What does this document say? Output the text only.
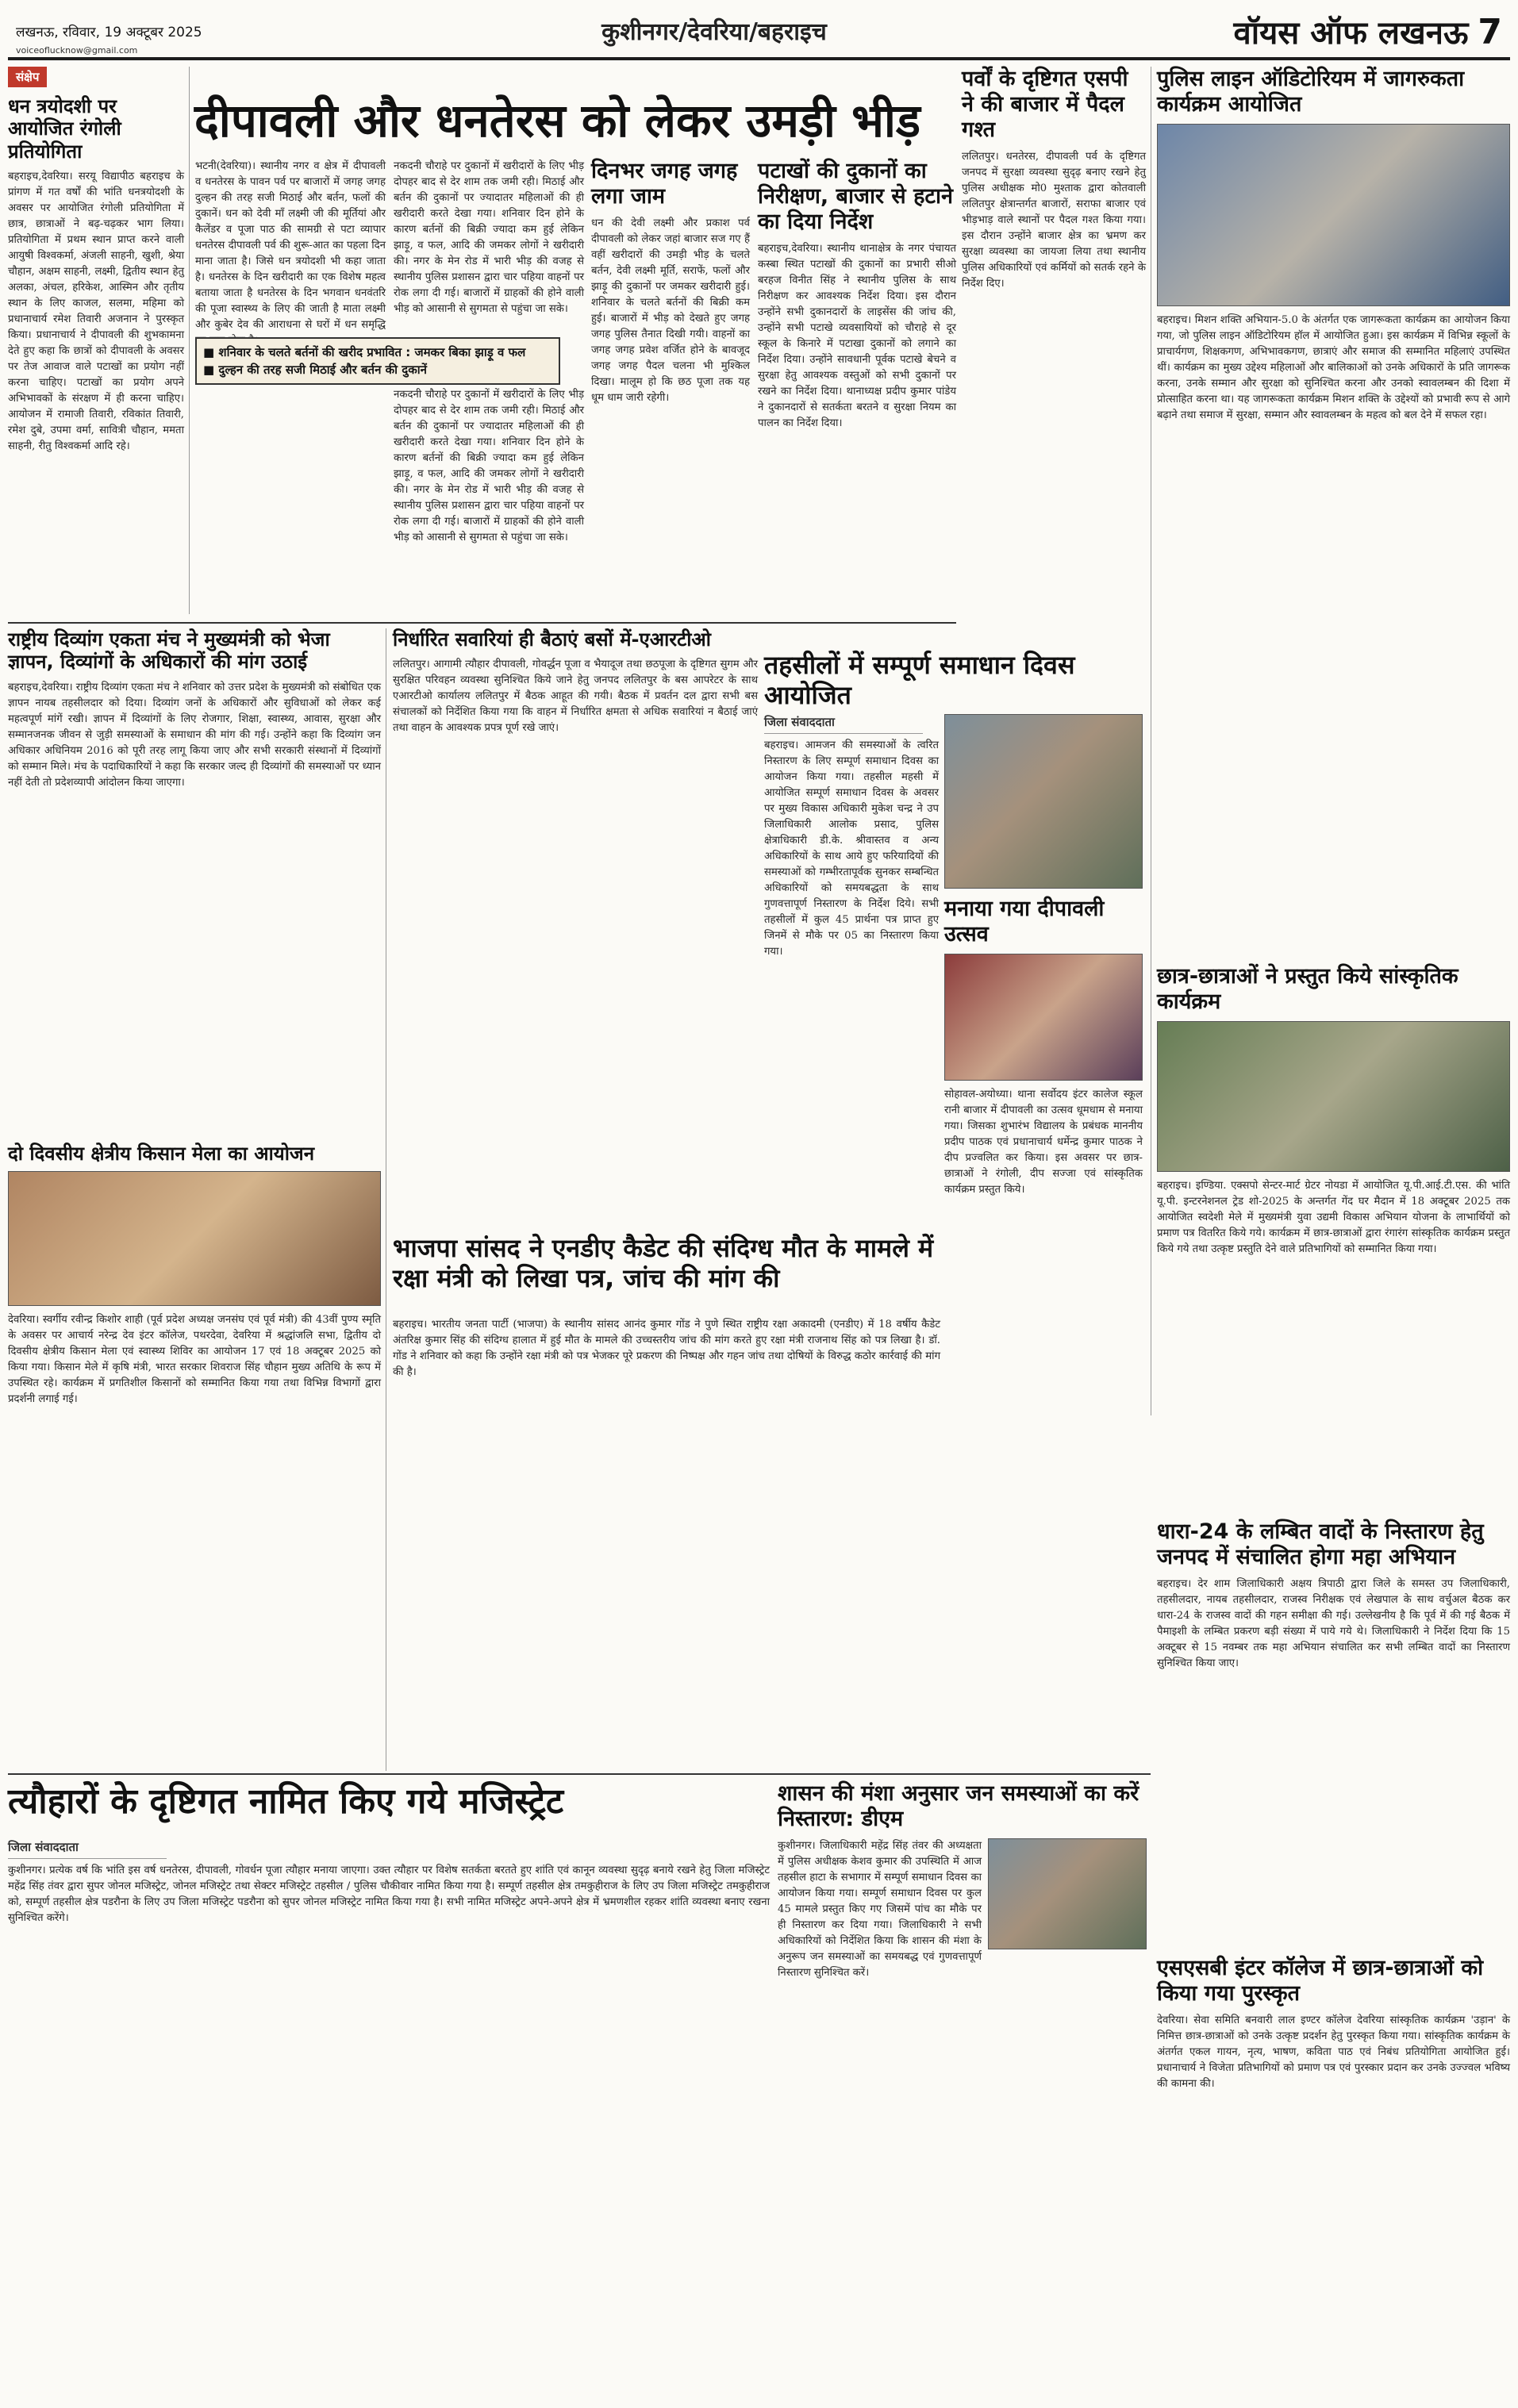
लखनऊ, रविवार, 19 अक्टूबर 2025
voiceoflucknow@gmail.com
कुशीनगर/देवरिया/बहराइच	वॉयस ऑफ लखनऊ 7
संक्षेप
धन त्रयोदशी पर आयोजित रंगोली प्रतियोगिता
बहराइच,देवरिया। सरयू विद्यापीठ बहराइच के प्रांगण में गत वर्षों की भांति धनत्रयोदशी के अवसर पर आयोजित रंगोली प्रतियोगिता में छात्र, छात्राओं ने बढ़-चढ़कर भाग लिया। प्रतियोगिता में प्रथम स्थान प्राप्त करने वाली आयुषी विश्वकर्मा, अंजली साहनी, खुशी, श्रेया चौहान, अक्षम साहनी, लक्ष्मी, द्वितीय स्थान हेतु अलका, अंचल, हरिकेश, आस्मिन और तृतीय स्थान के लिए काजल, सलमा, महिमा को प्रधानाचार्य रमेश तिवारी अजनान ने पुरस्कृत किया। प्रधानाचार्य ने दीपावली की शुभकामना देते हुए कहा कि छात्रों को दीपावली के अवसर पर तेज आवाज वाले पटाखों का प्रयोग नहीं करना चाहिए। पटाखों का प्रयोग अपने अभिभावकों के संरक्षण में ही करना चाहिए। आयोजन में रामाजी तिवारी, रविकांत तिवारी, रमेश दुबे, उपमा वर्मा, सावित्री चौहान, ममता साहनी, रीतु विश्वकर्मा आदि रहे।
दीपावली और धनतेरस को लेकर उमड़ी भीड़
भटनी(देवरिया)। स्थानीय नगर व क्षेत्र में दीपावली व धनतेरस के पावन पर्व पर बाजारों में जगह जगह दुल्हन की तरह सजी मिठाई और बर्तन, फलों की दुकानें। धन को देवी माँ लक्ष्मी जी की मूर्तियां और कैलेंडर व पूजा पाठ की सामग्री से पटा व्यापार धनतेरस दीपावली पर्व की शुरू-आत का पहला दिन माना जाता है। जिसे धन त्रयोदशी भी कहा जाता है। धनतेरस के दिन खरीदारी का एक विशेष महत्व बताया जाता है धनतेरस के दिन भगवान धनवंतरि की पूजा स्वास्थ्य के लिए की जाती है माता लक्ष्मी और कुबेर देव की आराधना से घरों में धन समृद्धि
■ शनिवार के चलते बर्तनों की खरीद प्रभावित : जमकर बिका झाड़ू व फल
■ दुल्हन की तरह सजी मिठाई और बर्तन की दुकानें
नकदनी चौराहे पर दुकानों में खरीदारों के लिए भीड़ दोपहर बाद से देर शाम तक जमी रही। मिठाई और बर्तन की दुकानों पर ज्यादातर महिलाओं की ही खरीदारी करते देखा गया। शनिवार दिन होने के कारण बर्तनों की बिक्री ज्यादा कम हुई लेकिन झाड़ू, व फल, आदि की जमकर लोगों ने खरीदारी की। नगर के मेन रोड में भारी भीड़ की वजह से स्थानीय पुलिस प्रशासन द्वारा चार पहिया वाहनों पर रोक लगा दी गई। बाजारों में ग्राहकों की होने वाली भीड़ को आसानी से सुगमता से पहुंचा जा सके।
नकदनी चौराहे पर दुकानों में खरीदारों के लिए भीड़ दोपहर बाद से देर शाम तक जमी रही। मिठाई और बर्तन की दुकानों पर ज्यादातर महिलाओं की ही खरीदारी करते देखा गया। शनिवार दिन होने के कारण बर्तनों की बिक्री ज्यादा कम हुई लेकिन झाड़ू, व फल, आदि की जमकर लोगों ने खरीदारी की। नगर के मेन रोड में भारी भीड़ की वजह से स्थानीय पुलिस प्रशासन द्वारा चार पहिया वाहनों पर रोक लगा दी गई। बाजारों में ग्राहकों की होने वाली भीड़ को आसानी से सुगमता से पहुंचा जा सके।
दिनभर जगह जगह लगा जाम
धन की देवी लक्ष्मी और प्रकाश पर्व दीपावली को लेकर जहां बाजार सज गए हैं वहीं खरीदारों की उमड़ी भीड़ के चलते बर्तन, देवी लक्ष्मी मूर्ति, सराफें, फलों और झाड़ू की दुकानों पर जमकर खरीदारी हुई। शनिवार के चलते बर्तनों की बिक्री कम हुई। बाजारों में भीड़ को देखते हुए जगह जगह पुलिस तैनात दिखी गयी। वाहनों का जगह जगह प्रवेश वर्जित होने के बावजूद जगह जगह पैदल चलना भी मुश्किल दिखा। मालूम हो कि छठ पूजा तक यह धूम धाम जारी रहेगी।
पटाखों की दुकानों का निरीक्षण, बाजार से हटाने का दिया निर्देश
बहराइच,देवरिया। स्थानीय थानाक्षेत्र के नगर पंचायत कस्बा स्थित पटाखों की दुकानों का प्रभारी सीओ बरहज विनीत सिंह ने स्थानीय पुलिस के साथ निरीक्षण कर आवश्यक निर्देश दिया। इस दौरान उन्होंने सभी दुकानदारों के लाइसेंस की जांच की, उन्होंने सभी पटाखे व्यवसायियों को चौराहे से दूर स्कूल के किनारे में पटाखा दुकानों को लगाने का निर्देश दिया। उन्होंने सावधानी पूर्वक पटाखे बेचने व सुरक्षा हेतु आवश्यक वस्तुओं को सभी दुकानों पर रखने का निर्देश दिया। थानाध्यक्ष प्रदीप कुमार पांडेय ने दुकानदारों से सतर्कता बरतने व सुरक्षा नियम का पालन का निर्देश दिया।
पर्वों के दृष्टिगत एसपी ने की बाजार में पैदल गश्त
ललितपुर। धनतेरस, दीपावली पर्व के दृष्टिगत जनपद में सुरक्षा व्यवस्था सुदृढ़ बनाए रखने हेतु पुलिस अधीक्षक मो0 मुश्ताक द्वारा कोतवाली ललितपुर क्षेत्रान्तर्गत बाजारों, सराफा बाजार एवं भीड़भाड़ वाले स्थानों पर पैदल गश्त किया गया। इस दौरान उन्होंने बाजार क्षेत्र का भ्रमण कर सुरक्षा व्यवस्था का जायजा लिया तथा स्थानीय पुलिस अधिकारियों एवं कर्मियों को सतर्क रहने के निर्देश दिए।
पुलिस लाइन ऑडिटोरियम में जागरुकता कार्यक्रम आयोजित
बहराइच। मिशन शक्ति अभियान-5.0 के अंतर्गत एक जागरूकता कार्यक्रम का आयोजन किया गया, जो पुलिस लाइन ऑडिटोरियम हॉल में आयोजित हुआ। इस कार्यक्रम में विभिन्न स्कूलों के प्राचार्यगण, शिक्षकगण, अभिभावकगण, छात्राएं और समाज की सम्मानित महिलाएं उपस्थित थीं। कार्यक्रम का मुख्य उद्देश्य महिलाओं और बालिकाओं को उनके अधिकारों के प्रति जागरूक करना, उनके सम्मान और सुरक्षा को सुनिश्चित करना और उनको स्वावलम्बन की दिशा में प्रोत्साहित करना था। यह जागरूकता कार्यक्रम मिशन शक्ति के उद्देश्यों को प्रभावी रूप से आगे बढ़ाने तथा समाज में सुरक्षा, सम्मान और स्वावलम्बन के महत्व को बल देने में सफल रहा।
राष्ट्रीय दिव्यांग एकता मंच ने मुख्यमंत्री को भेजा ज्ञापन, दिव्यांगों के अधिकारों की मांग उठाई
बहराइच,देवरिया। राष्ट्रीय दिव्यांग एकता मंच ने शनिवार को उत्तर प्रदेश के मुख्यमंत्री को संबोधित एक ज्ञापन नायब तहसीलदार को दिया। दिव्यांग जनों के अधिकारों और सुविधाओं को लेकर कई महत्वपूर्ण मांगें रखी। ज्ञापन में दिव्यांगों के लिए रोजगार, शिक्षा, स्वास्थ्य, आवास, सुरक्षा और सम्मानजनक जीवन से जुड़ी समस्याओं के समाधान की मांग की गई। उन्होंने कहा कि दिव्यांग जन अधिकार अधिनियम 2016 को पूरी तरह लागू किया जाए और सभी सरकारी संस्थानों में दिव्यांगों को सम्मान मिले। मंच के पदाधिकारियों ने कहा कि सरकार जल्द ही दिव्यांगों की समस्याओं पर ध्यान नहीं देती तो प्रदेशव्यापी आंदोलन किया जाएगा।
दो दिवसीय क्षेत्रीय किसान मेला का आयोजन
देवरिया। स्वर्गीय रवीन्द्र किशोर शाही (पूर्व प्रदेश अध्यक्ष जनसंघ एवं पूर्व मंत्री) की 43वीं पुण्य स्मृति के अवसर पर आचार्य नरेन्द्र देव इंटर कॉलेज, पथरदेवा, देवरिया में श्रद्धांजलि सभा, द्वितीय दो दिवसीय क्षेत्रीय किसान मेला एवं स्वास्थ्य शिविर का आयोजन 17 एवं 18 अक्टूबर 2025 को किया गया। किसान मेले में कृषि मंत्री, भारत सरकार शिवराज सिंह चौहान मुख्य अतिथि के रूप में उपस्थित रहे। कार्यक्रम में प्रगतिशील किसानों को सम्मानित किया गया तथा विभिन्न विभागों द्वारा प्रदर्शनी लगाई गई।
निर्धारित सवारियां ही बैठाएं बसों में-एआरटीओ
ललितपुर। आगामी त्यौहार दीपावली, गोवर्द्धन पूजा व भैयादूज तथा छठपूजा के दृष्टिगत सुगम और सुरक्षित परिवहन व्यवस्था सुनिश्चित किये जाने हेतु जनपद ललितपुर के बस आपरेटर के साथ एआरटीओ कार्यालय ललितपुर में बैठक आहूत की गयी। बैठक में प्रवर्तन दल द्वारा सभी बस संचालकों को निर्देशित किया गया कि वाहन में निर्धारित क्षमता से अधिक सवारियां न बैठाई जाएं तथा वाहन के आवश्यक प्रपत्र पूर्ण रखे जाएं।
तहसीलों में सम्पूर्ण समाधान दिवस आयोजित
जिला संवाददाता
बहराइच। आमजन की समस्याओं के त्वरित निस्तारण के लिए सम्पूर्ण समाधान दिवस का आयोजन किया गया। तहसील महसी में आयोजित सम्पूर्ण समाधान दिवस के अवसर पर मुख्य विकास अधिकारी मुकेश चन्द्र ने उप जिलाधिकारी आलोक प्रसाद, पुलिस क्षेत्राधिकारी डी.के. श्रीवास्तव व अन्य अधिकारियों के साथ आये हुए फरियादियों की समस्याओं को गम्भीरतापूर्वक सुनकर सम्बन्धित अधिकारियों को समयबद्धता के साथ गुणवत्तापूर्ण निस्तारण के निर्देश दिये। सभी तहसीलों में कुल 45 प्रार्थना पत्र प्राप्त हुए जिनमें से मौके पर 05 का निस्तारण किया गया।
मनाया गया दीपावली उत्सव
सोहावल-अयोध्या। थाना सर्वोदय इंटर कालेज स्कूल रानी बाजार में दीपावली का उत्सव धूमधाम से मनाया गया। जिसका शुभारंभ विद्यालय के प्रबंधक माननीय प्रदीप पाठक एवं प्रधानाचार्य धर्मेन्द्र कुमार पाठक ने दीप प्रज्वलित कर किया। इस अवसर पर छात्र-छात्राओं ने रंगोली, दीप सज्जा एवं सांस्कृतिक कार्यक्रम प्रस्तुत किये।
भाजपा सांसद ने एनडीए कैडेट की संदिग्ध मौत के मामले में रक्षा मंत्री को लिखा पत्र, जांच की मांग की
बहराइच। भारतीय जनता पार्टी (भाजपा) के स्थानीय सांसद आनंद कुमार गोंड ने पुणे स्थित राष्ट्रीय रक्षा अकादमी (एनडीए) में 18 वर्षीय कैडेट अंतरिक्ष कुमार सिंह की संदिग्ध हालात में हुई मौत के मामले की उच्चस्तरीय जांच की मांग करते हुए रक्षा मंत्री राजनाथ सिंह को पत्र लिखा है। डॉ. गोंड ने शनिवार को कहा कि उन्होंने रक्षा मंत्री को पत्र भेजकर पूरे प्रकरण की निष्पक्ष और गहन जांच तथा दोषियों के विरुद्ध कठोर कार्रवाई की मांग की है।
छात्र-छात्राओं ने प्रस्तुत किये सांस्कृतिक कार्यक्रम
बहराइच। इण्डिया. एक्सपो सेन्टर-मार्ट ग्रेटर नोयडा में आयोजित यू.पी.आई.टी.एस. की भांति यू.पी. इन्टरनेशनल ट्रेड शो-2025 के अन्तर्गत गेंद घर मैदान में 18 अक्टूबर 2025 तक आयोजित स्वदेशी मेले में मुख्यमंत्री युवा उद्यमी विकास अभियान योजना के लाभार्थियों को प्रमाण पत्र वितरित किये गये। कार्यक्रम में छात्र-छात्राओं द्वारा रंगारंग सांस्कृतिक कार्यक्रम प्रस्तुत किये गये तथा उत्कृष्ट प्रस्तुति देने वाले प्रतिभागियों को सम्मानित किया गया।
धारा-24 के लम्बित वादों के निस्तारण हेतु जनपद में संचालित होगा महा अभियान
बहराइच। देर शाम जिलाधिकारी अक्षय त्रिपाठी द्वारा जिले के समस्त उप जिलाधिकारी, तहसीलदार, नायब तहसीलदार, राजस्व निरीक्षक एवं लेखपाल के साथ वर्चुअल बैठक कर धारा-24 के राजस्व वादों की गहन समीक्षा की गई। उल्लेखनीय है कि पूर्व में की गई बैठक में पैमाइशी के लम्बित प्रकरण बड़ी संख्या में पाये गये थे। जिलाधिकारी ने निर्देश दिया कि 15 अक्टूबर से 15 नवम्बर तक महा अभियान संचालित कर सभी लम्बित वादों का निस्तारण सुनिश्चित किया जाए।
त्यौहारों के दृष्टिगत नामित किए गये मजिस्ट्रेट
जिला संवाददाता
कुशीनगर। प्रत्येक वर्ष कि भांति इस वर्ष धनतेरस, दीपावली, गोवर्धन पूजा त्यौहार मनाया जाएगा। उक्त त्यौहार पर विशेष सतर्कता बरतते हुए शांति एवं कानून व्यवस्था सुदृढ़ बनाये रखने हेतु जिला मजिस्ट्रेट महेंद्र सिंह तंवर द्वारा सुपर जोनल मजिस्ट्रेट, जोनल मजिस्ट्रेट तथा सेक्टर मजिस्ट्रेट तहसील / पुलिस चौकीवार नामित किया गया है। सम्पूर्ण तहसील क्षेत्र तमकुहीराज के लिए उप जिला मजिस्ट्रेट तमकुहीराज को, सम्पूर्ण तहसील क्षेत्र पडरौना के लिए उप जिला मजिस्ट्रेट पडरौना को सुपर जोनल मजिस्ट्रेट नामित किया गया है। सभी नामित मजिस्ट्रेट अपने-अपने क्षेत्र में भ्रमणशील रहकर शांति व्यवस्था बनाए रखना सुनिश्चित करेंगे।
शासन की मंशा अनुसार जन समस्याओं का करें निस्तारण: डीएम
कुशीनगर। जिलाधिकारी महेंद्र सिंह तंवर की अध्यक्षता में पुलिस अधीक्षक केशव कुमार की उपस्थिति में आज तहसील हाटा के सभागार में सम्पूर्ण समाधान दिवस का आयोजन किया गया। सम्पूर्ण समाधान दिवस पर कुल 45 मामले प्रस्तुत किए गए जिसमें पांच का मौके पर ही निस्तारण कर दिया गया। जिलाधिकारी ने सभी अधिकारियों को निर्देशित किया कि शासन की मंशा के अनुरूप जन समस्याओं का समयबद्ध एवं गुणवत्तापूर्ण निस्तारण सुनिश्चित करें।	एसएसबी इंटर कॉलेज में छात्र-छात्राओं को किया गया पुरस्कृत
देवरिया। सेवा समिति बनवारी लाल इण्टर कॉलेज देवरिया सांस्कृतिक कार्यक्रम 'उड़ान' के निमित्त छात्र-छात्राओं को उनके उत्कृष्ट प्रदर्शन हेतु पुरस्कृत किया गया। सांस्कृतिक कार्यक्रम के अंतर्गत एकल गायन, नृत्य, भाषण, कविता पाठ एवं निबंध प्रतियोगिता आयोजित हुई। प्रधानाचार्य ने विजेता प्रतिभागियों को प्रमाण पत्र एवं पुरस्कार प्रदान कर उनके उज्ज्वल भविष्य की कामना की।
